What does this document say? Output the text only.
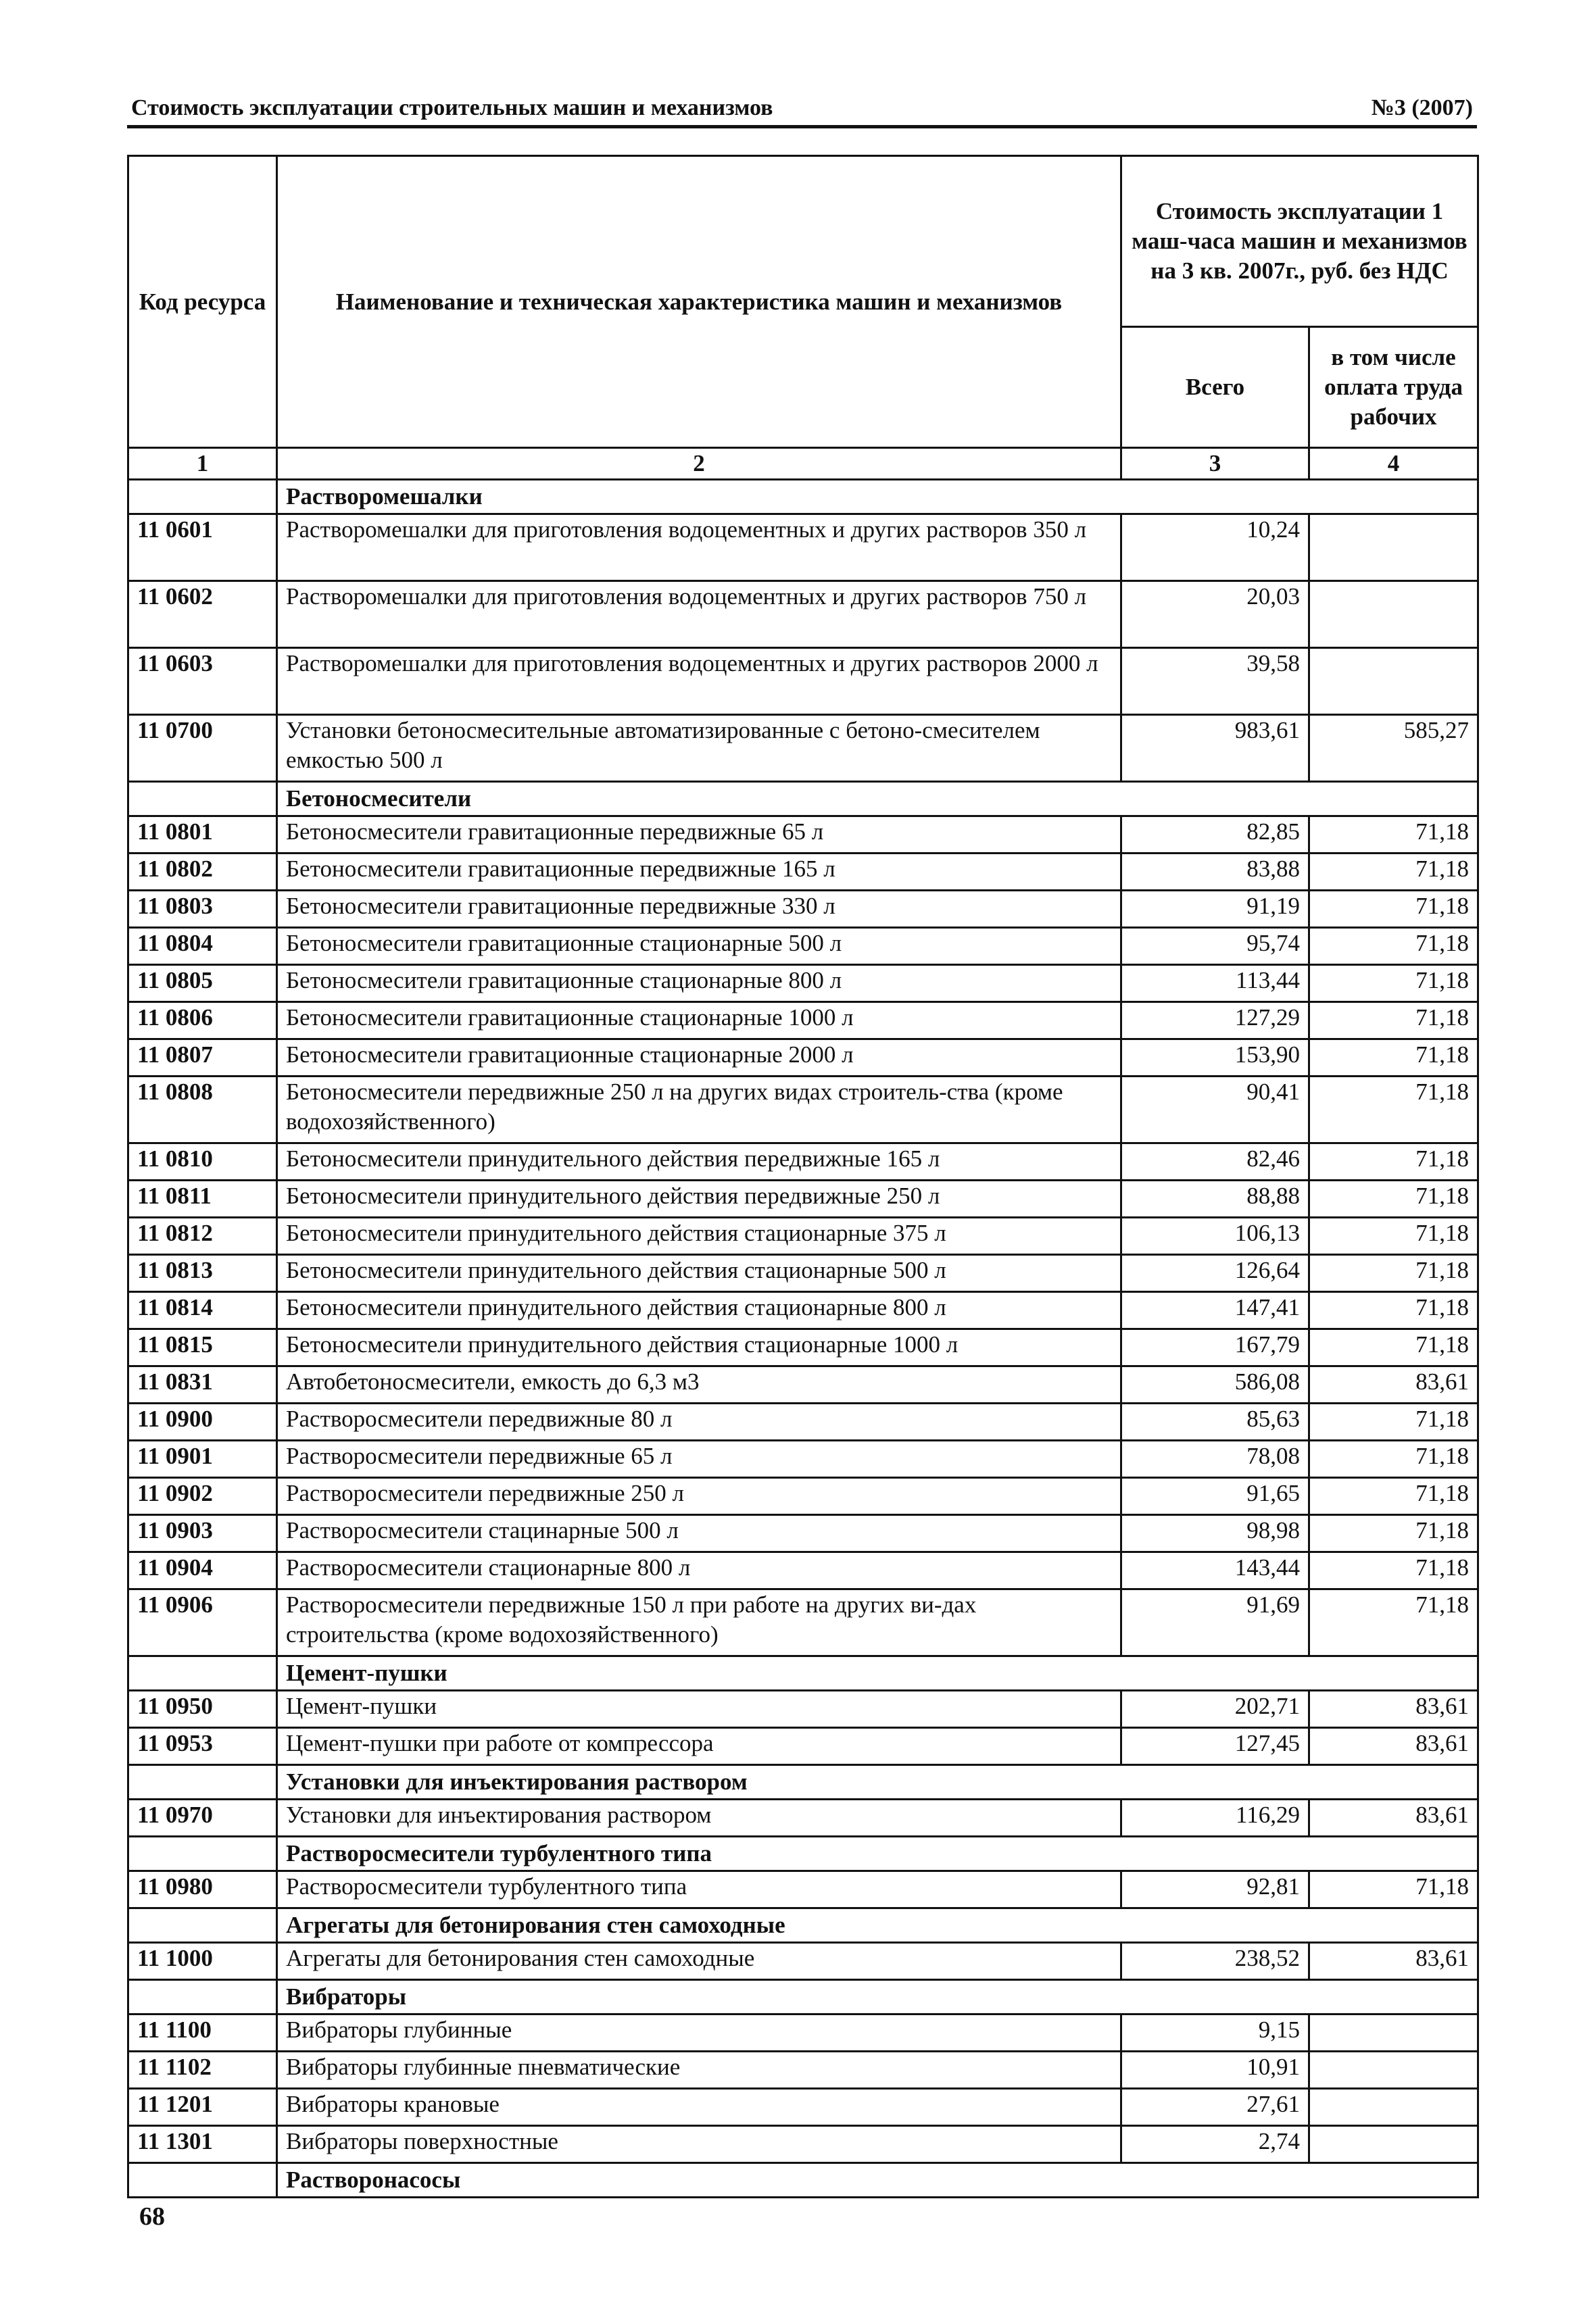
Стоимость эксплуатации строительных машин и механизмов	№3 (2007)
Код ресурса	Наименование и техническая характеристика машин и механизмов	Стоимость эксплуатации 1 маш-часа машин и механизмов на 3 кв. 2007г., руб. без НДС	
		Всего	в том числе оплата труда рабочих
1	2	3	4
	Растворомешалки		
11 0601	Растворомешалки для приготовления водоцементных и других растворов 350 л	10,24	
11 0602	Растворомешалки для приготовления водоцементных и других растворов 750 л	20,03	
11 0603	Растворомешалки для приготовления водоцементных и других растворов 2000 л	39,58	
11 0700	Установки бетоносмесительные автоматизированные с бетоно-смесителем емкостью 500 л	983,61	585,27
	Бетоносмесители		
11 0801	Бетоносмесители гравитационные передвижные 65 л	82,85	71,18
11 0802	Бетоносмесители гравитационные передвижные 165 л	83,88	71,18
11 0803	Бетоносмесители гравитационные передвижные 330 л	91,19	71,18
11 0804	Бетоносмесители гравитационные стационарные 500 л	95,74	71,18
11 0805	Бетоносмесители гравитационные стационарные 800 л	113,44	71,18
11 0806	Бетоносмесители гравитационные стационарные 1000 л	127,29	71,18
11 0807	Бетоносмесители гравитационные стационарные 2000 л	153,90	71,18
11 0808	Бетоносмесители передвижные 250 л на других видах строитель-ства (кроме водохозяйственного)	90,41	71,18
11 0810	Бетоносмесители принудительного действия передвижные 165 л	82,46	71,18
11 0811	Бетоносмесители принудительного действия передвижные 250 л	88,88	71,18
11 0812	Бетоносмесители принудительного действия стационарные 375 л	106,13	71,18
11 0813	Бетоносмесители принудительного действия стационарные 500 л	126,64	71,18
11 0814	Бетоносмесители принудительного действия стационарные 800 л	147,41	71,18
11 0815	Бетоносмесители принудительного действия стационарные 1000 л	167,79	71,18
11 0831	Автобетоносмесители, емкость до 6,3 м3	586,08	83,61
11 0900	Растворосмесители передвижные 80 л	85,63	71,18
11 0901	Растворосмесители передвижные 65 л	78,08	71,18
11 0902	Растворосмесители передвижные 250 л	91,65	71,18
11 0903	Растворосмесители стацинарные 500 л	98,98	71,18
11 0904	Растворосмесители стационарные 800 л	143,44	71,18
11 0906	Растворосмесители передвижные 150 л при работе на других ви-дах строительства (кроме водохозяйственного)	91,69	71,18
	Цемент-пушки		
11 0950	Цемент-пушки	202,71	83,61
11 0953	Цемент-пушки при работе от компрессора	127,45	83,61
	Установки для инъектирования раствором		
11 0970	Установки для инъектирования раствором	116,29	83,61
	Растворосмесители турбулентного типа		
11 0980	Растворосмесители турбулентного типа	92,81	71,18
	Агрегаты для бетонирования стен самоходные		
11 1000	Агрегаты для бетонирования стен самоходные	238,52	83,61
	Вибраторы		
11 1100	Вибраторы глубинные	9,15	
11 1102	Вибраторы глубинные пневматические	10,91	
11 1201	Вибраторы крановые	27,61	
11 1301	Вибраторы поверхностные	2,74	
	Растворонасосы		
68
